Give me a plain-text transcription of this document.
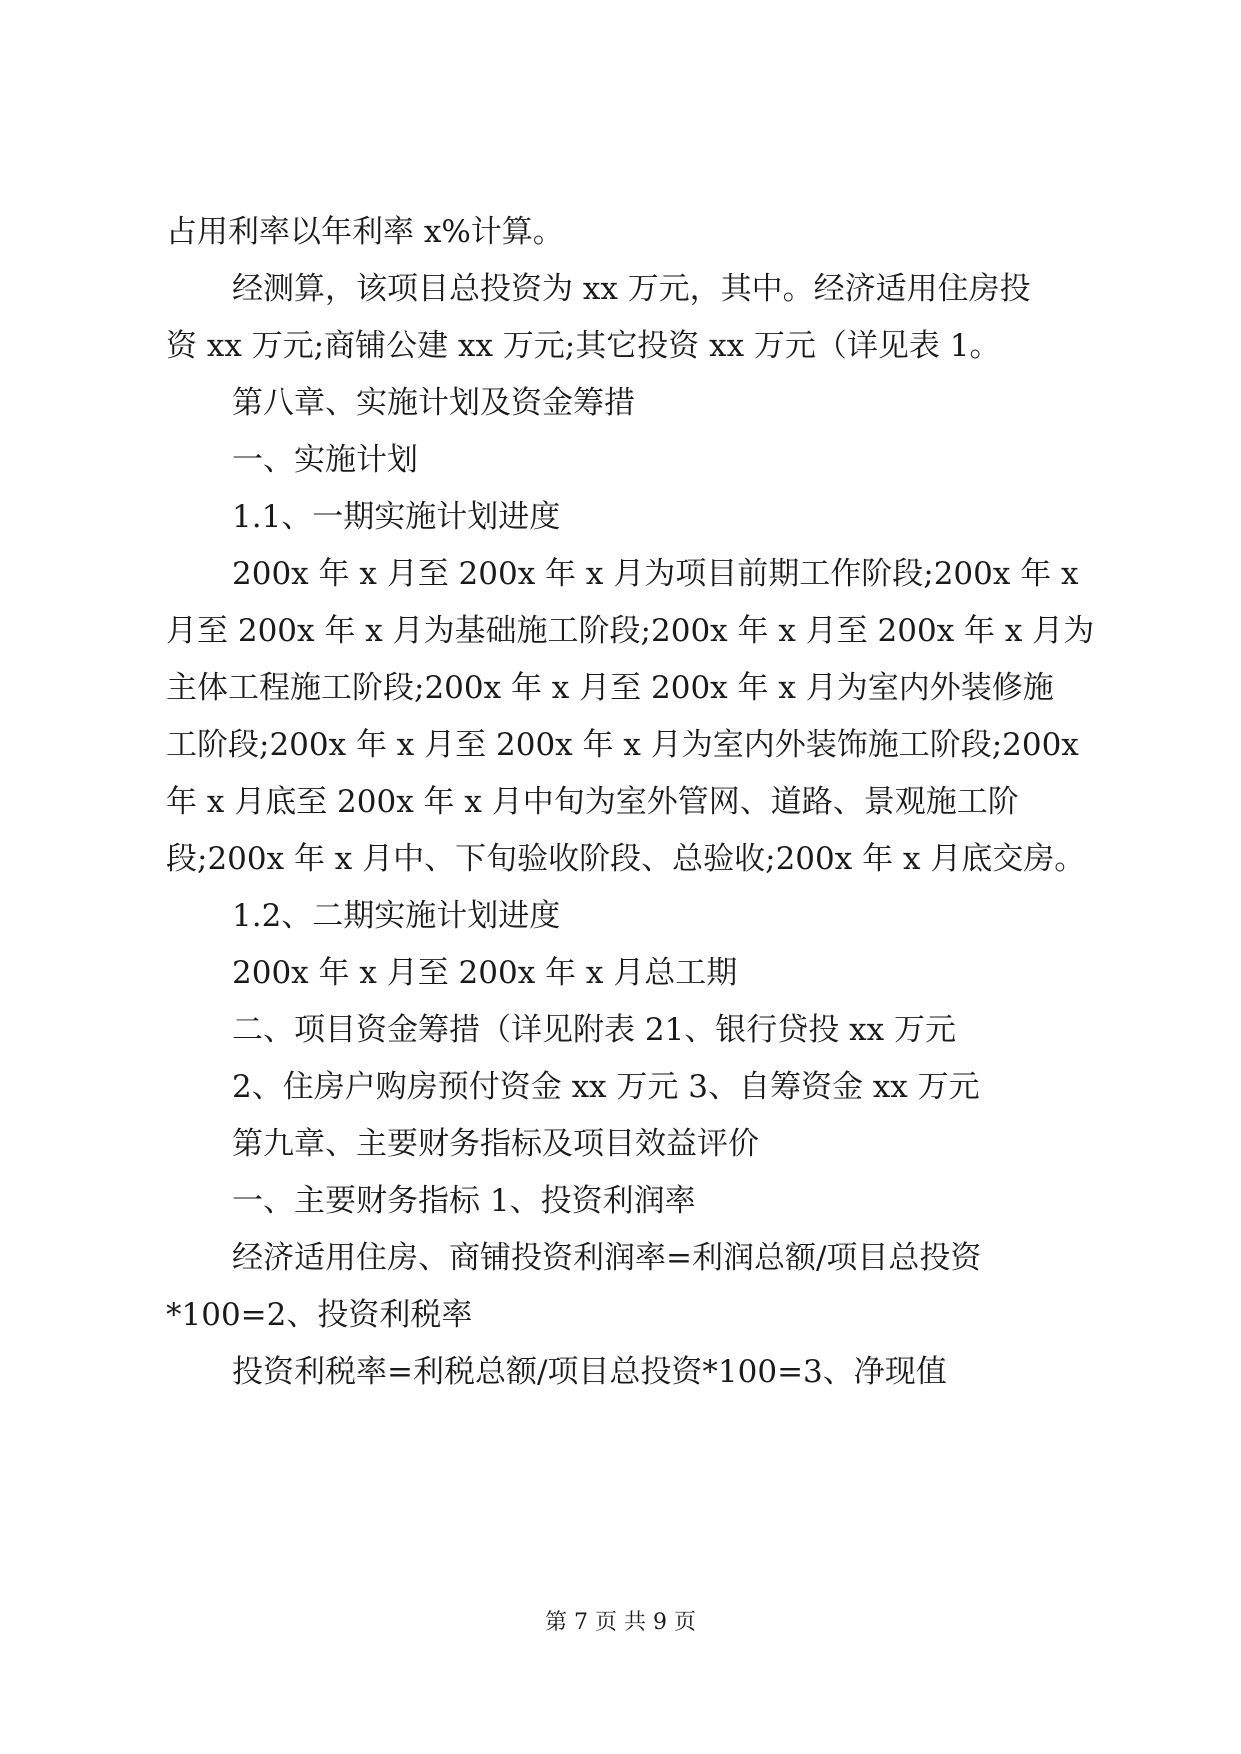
占用利率以年利率 x%计算。
经测算，该项目总投资为 xx 万元，其中。经济适用住房投
资 xx 万元;商铺公建 xx 万元;其它投资 xx 万元（详见表 1。
第八章、实施计划及资金筹措
一、实施计划
1.1、一期实施计划进度
200x 年 x 月至 200x 年 x 月为项目前期工作阶段;200x 年 x
月至 200x 年 x 月为基础施工阶段;200x 年 x 月至 200x 年 x 月为
主体工程施工阶段;200x 年 x 月至 200x 年 x 月为室内外装修施
工阶段;200x 年 x 月至 200x 年 x 月为室内外装饰施工阶段;200x
年 x 月底至 200x 年 x 月中旬为室外管网、道路、景观施工阶
段;200x 年 x 月中、下旬验收阶段、总验收;200x 年 x 月底交房。
1.2、二期实施计划进度
200x 年 x 月至 200x 年 x 月总工期
二、项目资金筹措（详见附表 21、银行贷投 xx 万元
2、住房户购房预付资金 xx 万元 3、自筹资金 xx 万元
第九章、主要财务指标及项目效益评价
一、主要财务指标 1、投资利润率
经济适用住房、商铺投资利润率=利润总额/项目总投资
*100=2、投资利税率
投资利税率=利税总额/项目总投资*100=3、净现值
第 7 页 共 9 页
